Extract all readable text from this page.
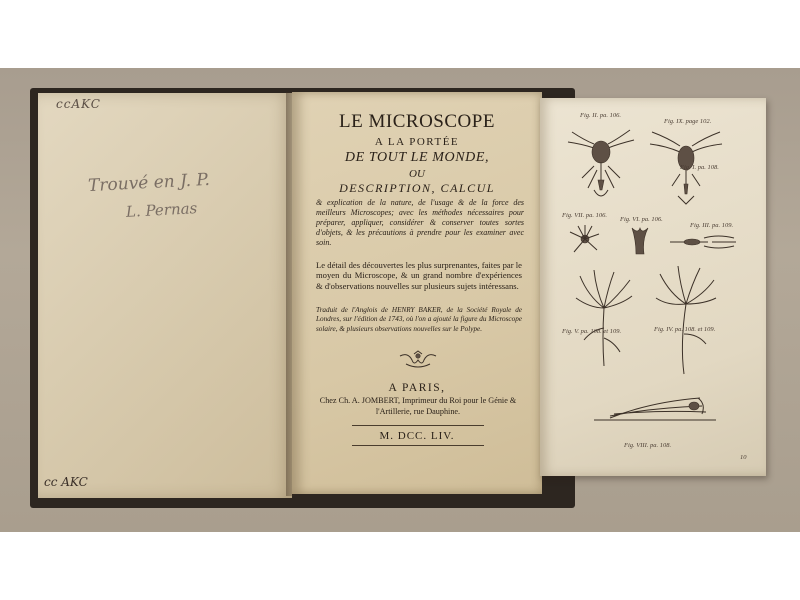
ccAKC
Trouvé en J. P.
L. Pernas
cc AKC
LE MICROSCOPE
A LA PORTÉE
DE TOUT LE MONDE,
OU
DESCRIPTION, CALCUL
& explication de la nature, de l'usage & de la force des meilleurs Microscopes; avec les méthodes nécessaires pour préparer, appliquer, considérer & conserver toutes sortes d'objets, & les précautions à prendre pour les examiner avec soin.
Le détail des découvertes les plus surprenantes, faites par le moyen du Microscope, & un grand nombre d'expériences & d'observations nouvelles sur plusieurs sujets intéressans.
Traduit de l'Anglois de HENRY BAKER, de la Société Royale de Londres, sur l'édition de 1743, où l'on a ajouté la figure du Microscope solaire, & plusieurs observations nouvelles sur le Polype.
A PARIS,
Chez Ch. A. JOMBERT, Imprimeur du Roi pour le Génie & l'Artillerie, rue Dauphine.
M. DCC. LIV.
Fig. II. pa. 106.
Fig. IX. page 102.
Fig. I. pa. 108.
Fig. VII. pa. 106.
Fig. VI. pa. 106.
Fig. III. pa. 109.
Fig. V. pa. 108. et 109.	Fig. IV. pa. 108. et 109.
Fig. VIII. pa. 108.
10
